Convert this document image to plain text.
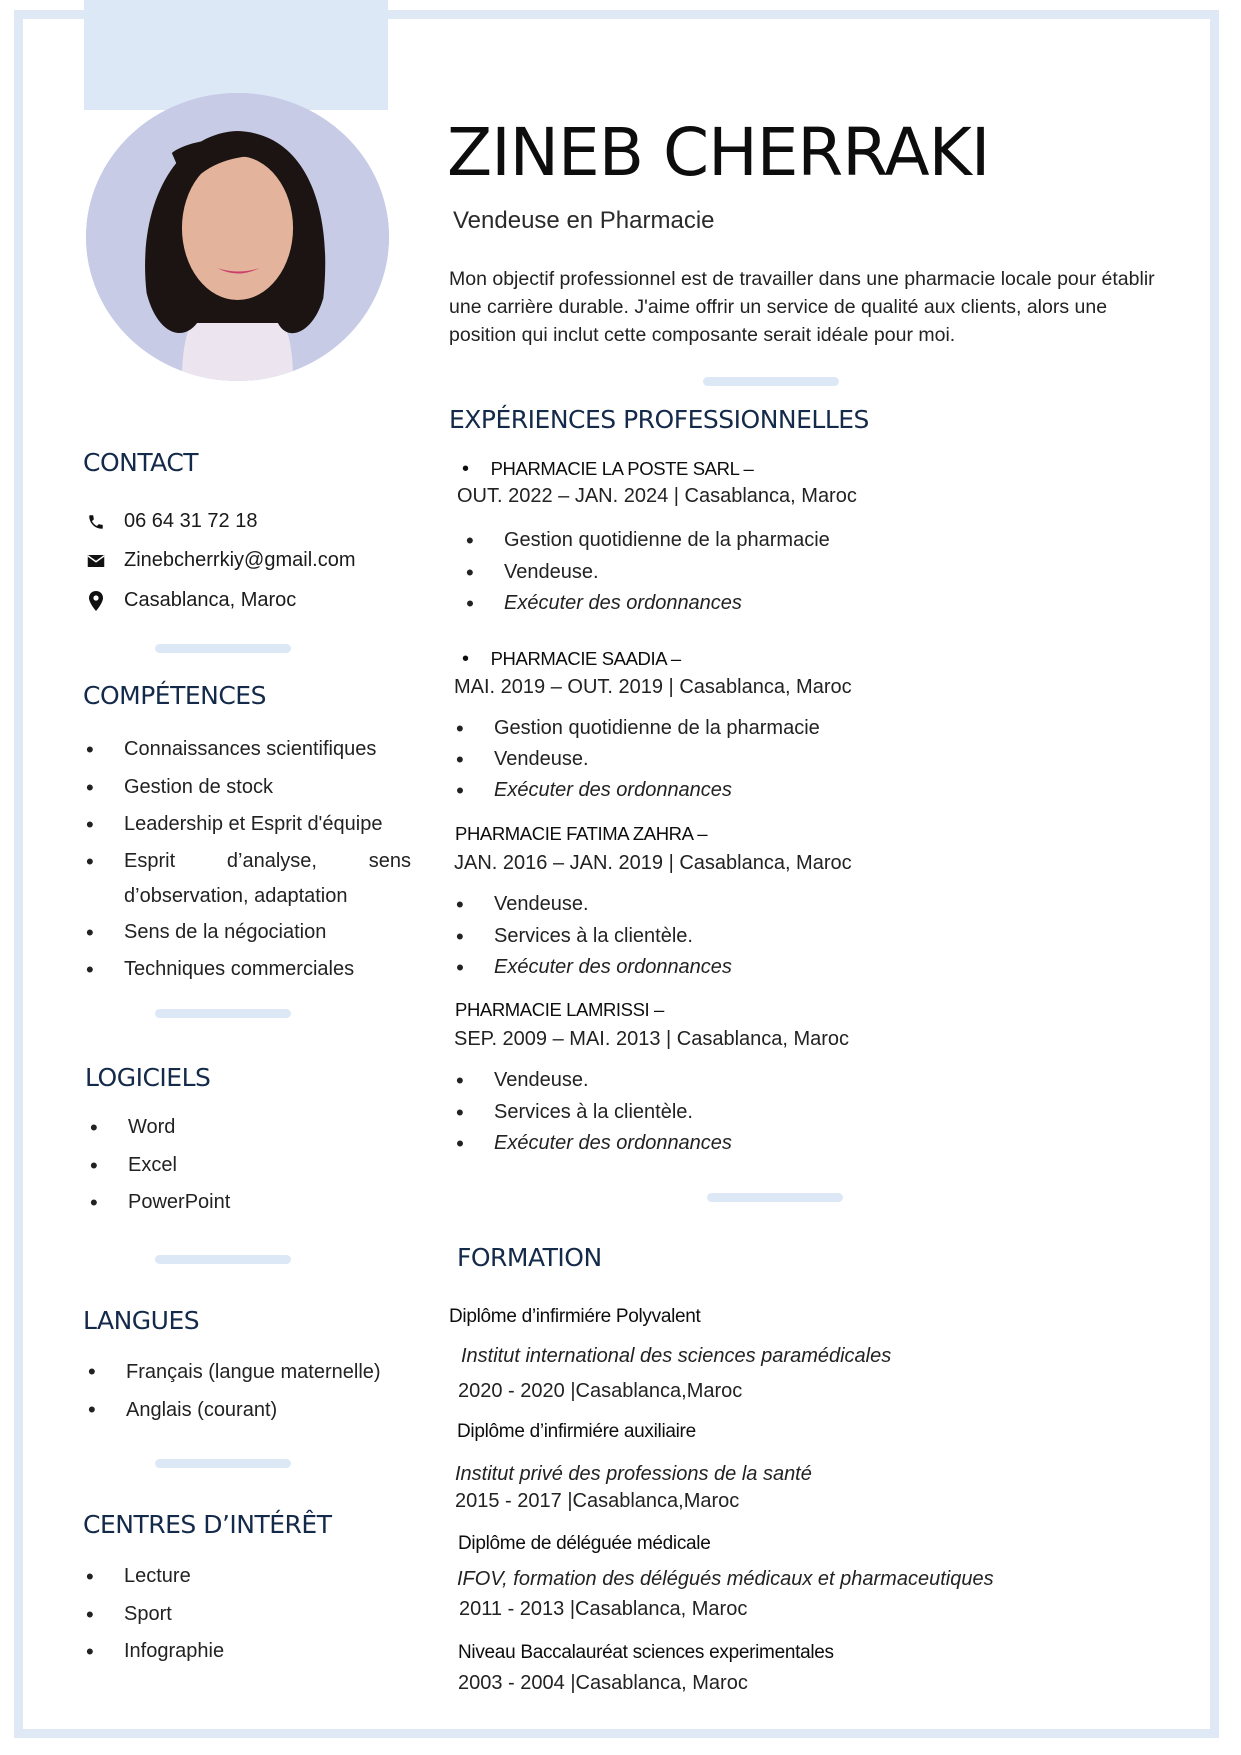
ZINEB CHERRAKI
Vendeuse en Pharmacie
Mon objectif professionnel est de travailler dans une pharmacie locale pour établir une carrière durable. J'aime offrir un service de qualité aux clients, alors une position qui inclut cette composante serait idéale pour moi.
CONTACT
06 64 31 72 18
Zinebcherrkiy@gmail.com
Casablanca, Maroc
COMPÉTENCES
• Connaissances scientifiques
• Gestion de stock
• Leadership et Esprit d'équipe
• Esprit d’analyse, sens d’observation, adaptation
• Sens de la négociation
• Techniques commerciales
LOGICIELS
• Word
• Excel
• PowerPoint
LANGUES
• Français (langue maternelle)
• Anglais (courant)
CENTRES D’INTÉRÊT
• Lecture
• Sport
• Infographie
EXPÉRIENCES PROFESSIONNELLES
• PHARMACIE LA POSTE SARL –
OUT. 2022 – JAN. 2024 | Casablanca, Maroc
• Gestion quotidienne de la pharmacie
• Vendeuse.
• Exécuter des ordonnances
• PHARMACIE SAADIA –
MAI. 2019 – OUT. 2019 | Casablanca, Maroc
• Gestion quotidienne de la pharmacie
• Vendeuse.
• Exécuter des ordonnances
PHARMACIE FATIMA ZAHRA –
JAN. 2016 – JAN. 2019 | Casablanca, Maroc
• Vendeuse.
• Services à la clientèle.
• Exécuter des ordonnances
PHARMACIE LAMRISSI –
SEP. 2009 – MAI. 2013 | Casablanca, Maroc
• Vendeuse.
• Services à la clientèle.
• Exécuter des ordonnances
FORMATION
Diplôme d’infirmiére Polyvalent
Institut international des sciences paramédicales
2020 - 2020 |Casablanca,Maroc
Diplôme d’infirmiére auxiliaire
Institut privé des professions de la santé
2015 - 2017 |Casablanca,Maroc
Diplôme de déléguée médicale
IFOV, formation des délégués médicaux et pharmaceutiques
2011 - 2013 |Casablanca, Maroc
Niveau Baccalauréat sciences experimentales
2003 - 2004 |Casablanca, Maroc
